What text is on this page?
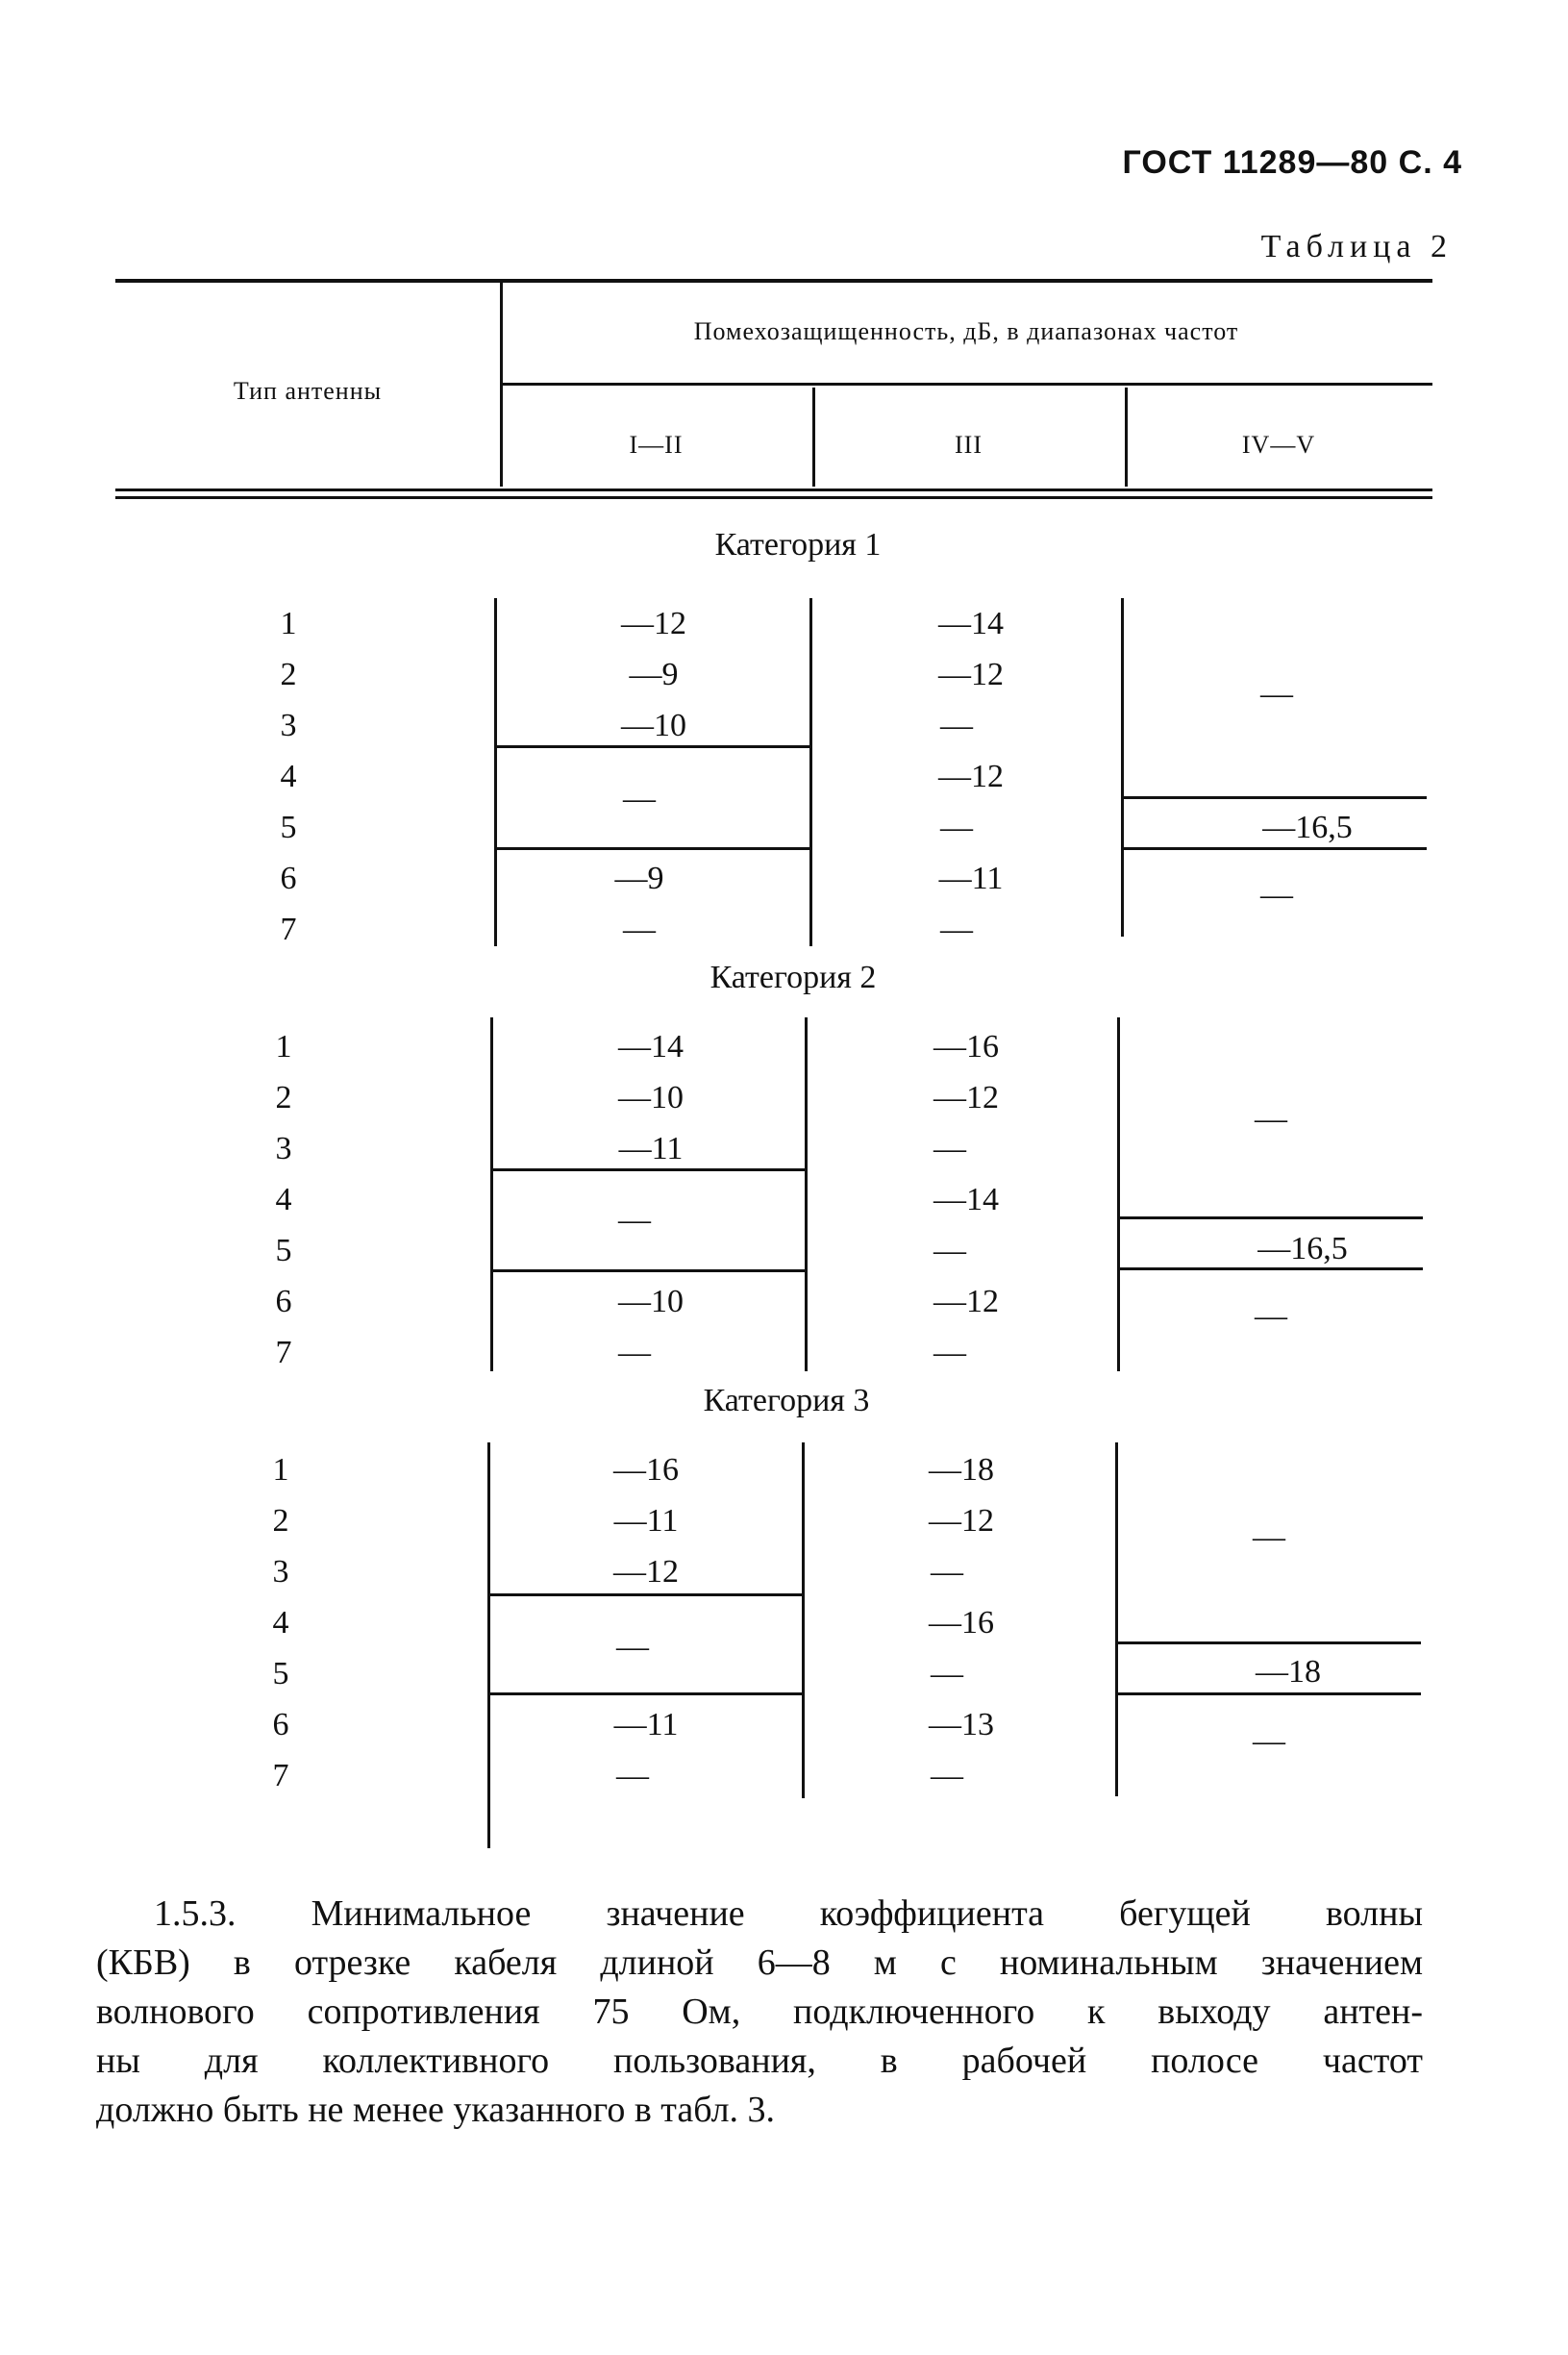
ГОСТ 11289—80 С. 4
Таблица 2
Тип антенны
Помехозащищенность, дБ, в диапазонах частот
I—II	III	IV—V
Категория 1
1
2
3
4
5
6
7
—12
—9
—10
—
—9
—
—14
—12
—
—12
—
—11
—
—
—16,5
—
Категория 2
1
2
3
4
5
6
7
—14
—10
—11
—
—10
—
—16
—12
—
—14
—
—12
—
—
—16,5
—
Категория 3
1
2
3
4
5
6
7
—16
—11
—12
—
—11
—
—18
—12
—
—16
—
—13
—
—
—18
—
1.5.3. Минимальное значение коэффициента бегущей волны
(КБВ) в отрезке кабеля длиной 6—8 м с номинальным значением
волнового сопротивления 75 Ом, подключенного к выходу антен-
ны для коллективного пользования, в рабочей полосе частот
должно быть не менее указанного в табл. 3.
